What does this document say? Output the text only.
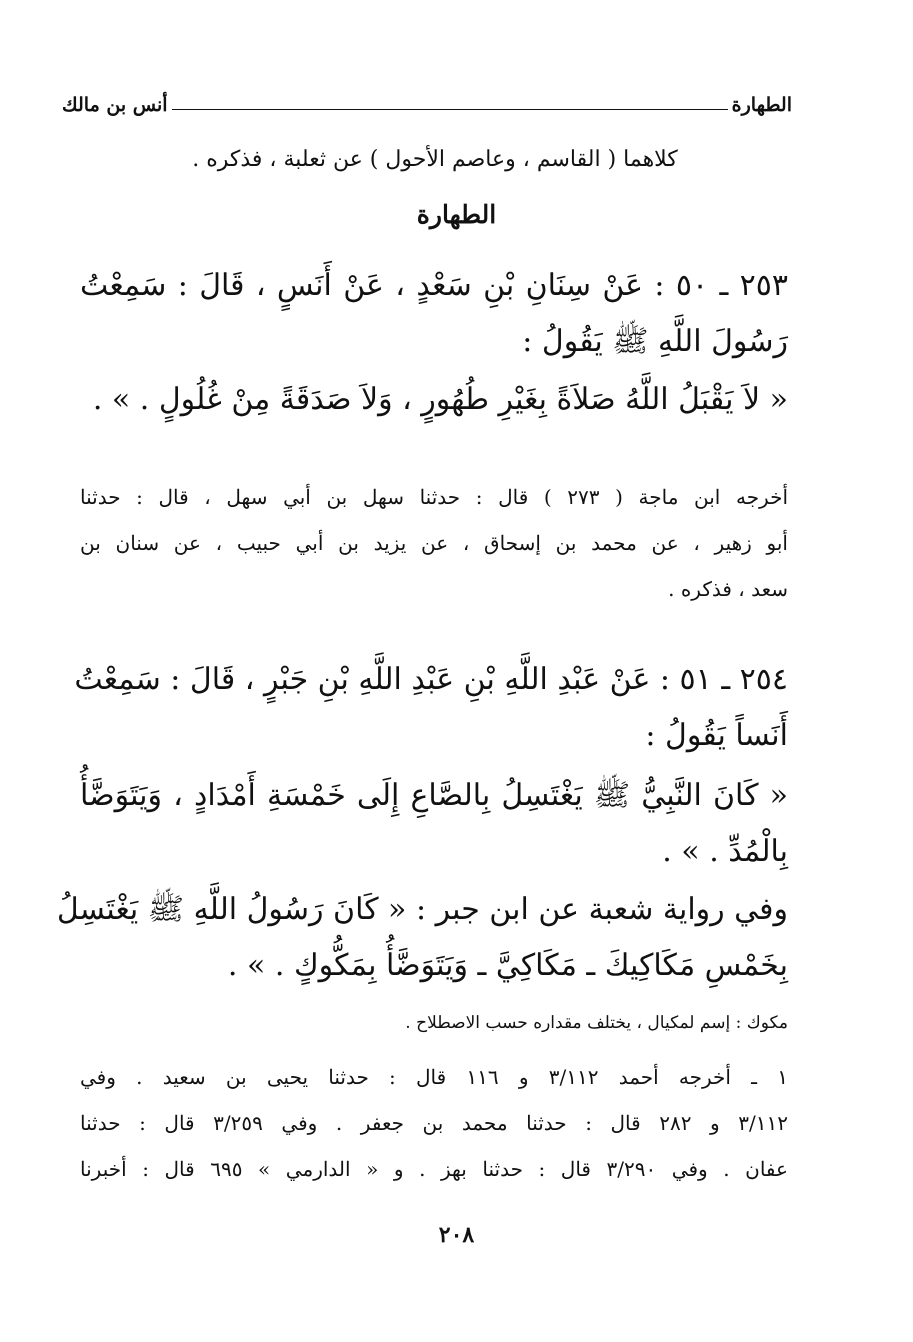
الطهارة
أنس بن مالك
كلاهما ( القاسم ، وعاصم الأحول ) عن ثعلبة ، فذكره .
الطهارة
٢٥٣ ـ ٥٠ : عَنْ سِنَانِ بْنِ سَعْدٍ ، عَنْ أَنَسٍ ، قَالَ : سَمِعْتُ
رَسُولَ اللَّهِ ﷺ يَقُولُ :
« لاَ يَقْبَلُ اللَّهُ صَلاَةً بِغَيْرِ طُهُورٍ ، وَلاَ صَدَقَةً مِنْ غُلُولٍ . » .
أخرجه ابن ماجة ( ٢٧٣ ) قال : حدثنا سهل بن أبي سهل ، قال : حدثنا
أبو زهير ، عن محمد بن إسحاق ، عن يزيد بن أبي حبيب ، عن سنان بن
سعد ، فذكره .
٢٥٤ ـ ٥١ : عَنْ عَبْدِ اللَّهِ بْنِ عَبْدِ اللَّهِ بْنِ جَبْرٍ ، قَالَ : سَمِعْتُ
أَنَساً يَقُولُ :
« كَانَ النَّبِيُّ ﷺ يَغْتَسِلُ بِالصَّاعِ إِلَى خَمْسَةِ أَمْدَادٍ ، وَيَتَوَضَّأُ
بِالْمُدِّ . » .
وفي رواية شعبة عن ابن جبر : « كَانَ رَسُولُ اللَّهِ ﷺ يَغْتَسِلُ
بِخَمْسِ مَكَاكِيكَ ـ مَكَاكِيَّ ـ وَيَتَوَضَّأُ بِمَكُّوكٍ . » .
مكوك : إسم لمكيال ، يختلف مقداره حسب الاصطلاح .
١ ـ أخرجه أحمد ٣/١١٢ و ١١٦ قال : حدثنا يحيى بن سعيد . وفي
٣/١١٢ و ٢٨٢ قال : حدثنا محمد بن جعفر . وفي ٣/٢٥٩ قال : حدثنا
عفان . وفي ٣/٢٩٠ قال : حدثنا بهز . و « الدارمي » ٦٩٥ قال : أخبرنا
٢٠٨
